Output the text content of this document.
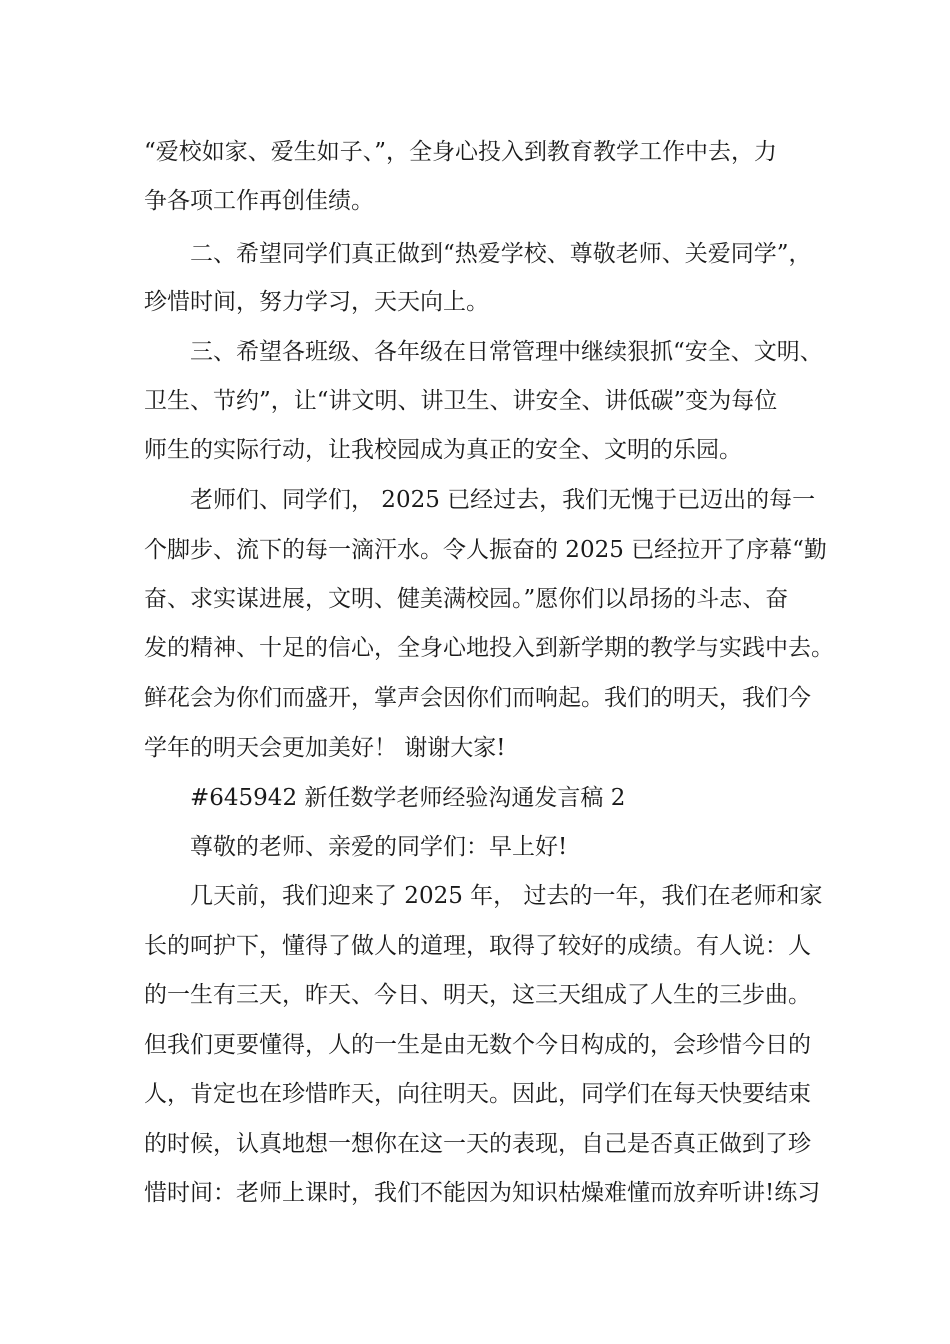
“爱校如家、爱生如子、”，全身心投入到教育教学工作中去，力
争各项工作再创佳绩。
二、希望同学们真正做到“热爱学校、尊敬老师、关爱同学”，
珍惜时间，努力学习，天天向上。
三、希望各班级、各年级在日常管理中继续狠抓“安全、文明、
卫生、节约”，让“讲文明、讲卫生、讲安全、讲低碳”变为每位
师生的实际行动，让我校园成为真正的安全、文明的乐园。
老师们、同学们， 2025 已经过去，我们无愧于已迈出的每一
个脚步、流下的每一滴汗水。令人振奋的 2025 已经拉开了序幕“勤
奋、求实谋进展，文明、健美满校园。”愿你们以昂扬的斗志、奋
发的精神、十足的信心，全身心地投入到新学期的教学与实践中去。
鲜花会为你们而盛开，掌声会因你们而响起。我们的明天，我们今
学年的明天会更加美好！ 谢谢大家!
#645942 新任数学老师经验沟通发言稿 2
尊敬的老师、亲爱的同学们：早上好!
几天前，我们迎来了 2025 年， 过去的一年，我们在老师和家
长的呵护下，懂得了做人的道理，取得了较好的成绩。有人说：人
的一生有三天，昨天、今日、明天，这三天组成了人生的三步曲。
但我们更要懂得，人的一生是由无数个今日构成的，会珍惜今日的
人，肯定也在珍惜昨天，向往明天。因此，同学们在每天快要结束
的时候，认真地想一想你在这一天的表现，自己是否真正做到了珍
惜时间：老师上课时，我们不能因为知识枯燥难懂而放弃听讲!练习
